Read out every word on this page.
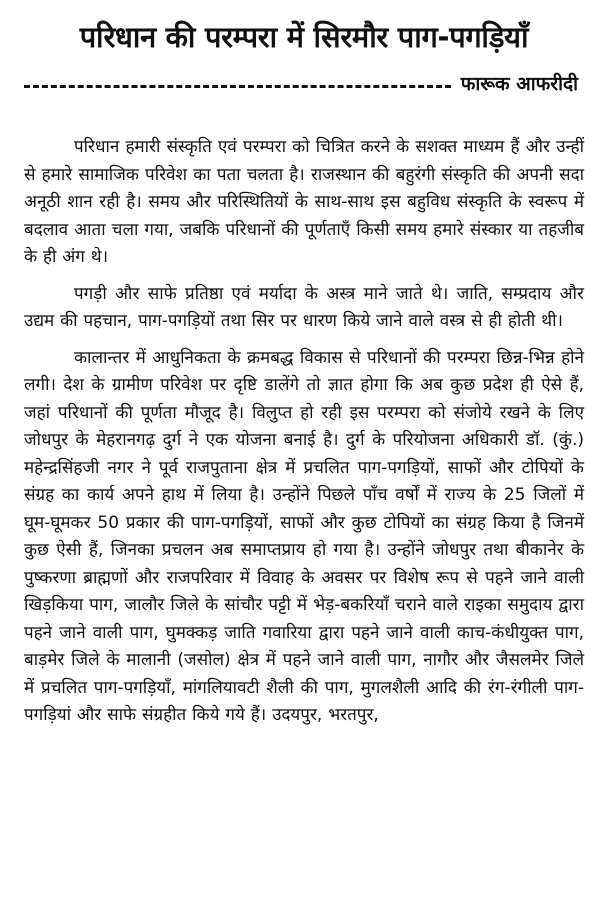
परिधान की परम्परा में सिरमौर पाग-पगड़ियाँ
फारूक आफरीदी

परिधान हमारी संस्कृति एवं परम्परा को चित्रित करने के सशक्त माध्यम हैं और उन्हीं से हमारे सामाजिक परिवेश का पता चलता है। राजस्थान की बहुरंगी संस्कृति की अपनी सदा अनूठी शान रही है। समय और परिस्थितियों के साथ-साथ इस बहुविध संस्कृति के स्वरूप में बदलाव आता चला गया, जबकि परिधानों की पूर्णताएँ किसी समय हमारे संस्कार या तहजीब के ही अंग थे।

पगड़ी और साफे प्रतिष्ठा एवं मर्यादा के अस्त्र माने जाते थे। जाति, सम्प्रदाय और उद्यम की पहचान, पाग-पगड़ियों तथा सिर पर धारण किये जाने वाले वस्त्र से ही होती थी।

कालान्तर में आधुनिकता के क्रमबद्ध विकास से परिधानों की परम्परा छिन्न-भिन्न होने लगी। देश के ग्रामीण परिवेश पर दृष्टि डालेंगे तो ज्ञात होगा कि अब कुछ प्रदेश ही ऐसे हैं, जहां परिधानों की पूर्णता मौजूद है। विलुप्त हो रही इस परम्परा को संजोये रखने के लिए जोधपुर के मेहरानगढ़ दुर्ग ने एक योजना बनाई है। दुर्ग के परियोजना अधिकारी डॉ. (कुं.) महेन्द्रसिंहजी नगर ने पूर्व राजपुताना क्षेत्र में प्रचलित पाग-पगड़ियों, साफों और टोपियों के संग्रह का कार्य अपने हाथ में लिया है। उन्होंने पिछले पाँच वर्षों में राज्य के 25 जिलों में घूम-घूमकर 50 प्रकार की पाग-पगड़ियों, साफों और कुछ टोपियों का संग्रह किया है जिनमें कुछ ऐसी हैं, जिनका प्रचलन अब समाप्तप्राय हो गया है। उन्होंने जोधपुर तथा बीकानेर के पुष्करणा ब्राह्मणों और राजपरिवार में विवाह के अवसर पर विशेष रूप से पहने जाने वाली खिड़किया पाग, जालौर जिले के सांचौर पट्टी में भेड़-बकरियाँ चराने वाले राइका समुदाय द्वारा पहने जाने वाली पाग, घुमक्कड़ जाति गवारिया द्वारा पहने जाने वाली काच-कंधीयुक्त पाग, बाड़मेर जिले के मालानी (जसोल) क्षेत्र में पहने जाने वाली पाग, नागौर और जैसलमेर जिले में प्रचलित पाग-पगड़ियाँ, मांगलियावटी शैली की पाग, मुगलशैली आदि की रंग-रंगीली पाग-पगड़ियां और साफे संग्रहीत किये गये हैं। उदयपुर, भरतपुर,
